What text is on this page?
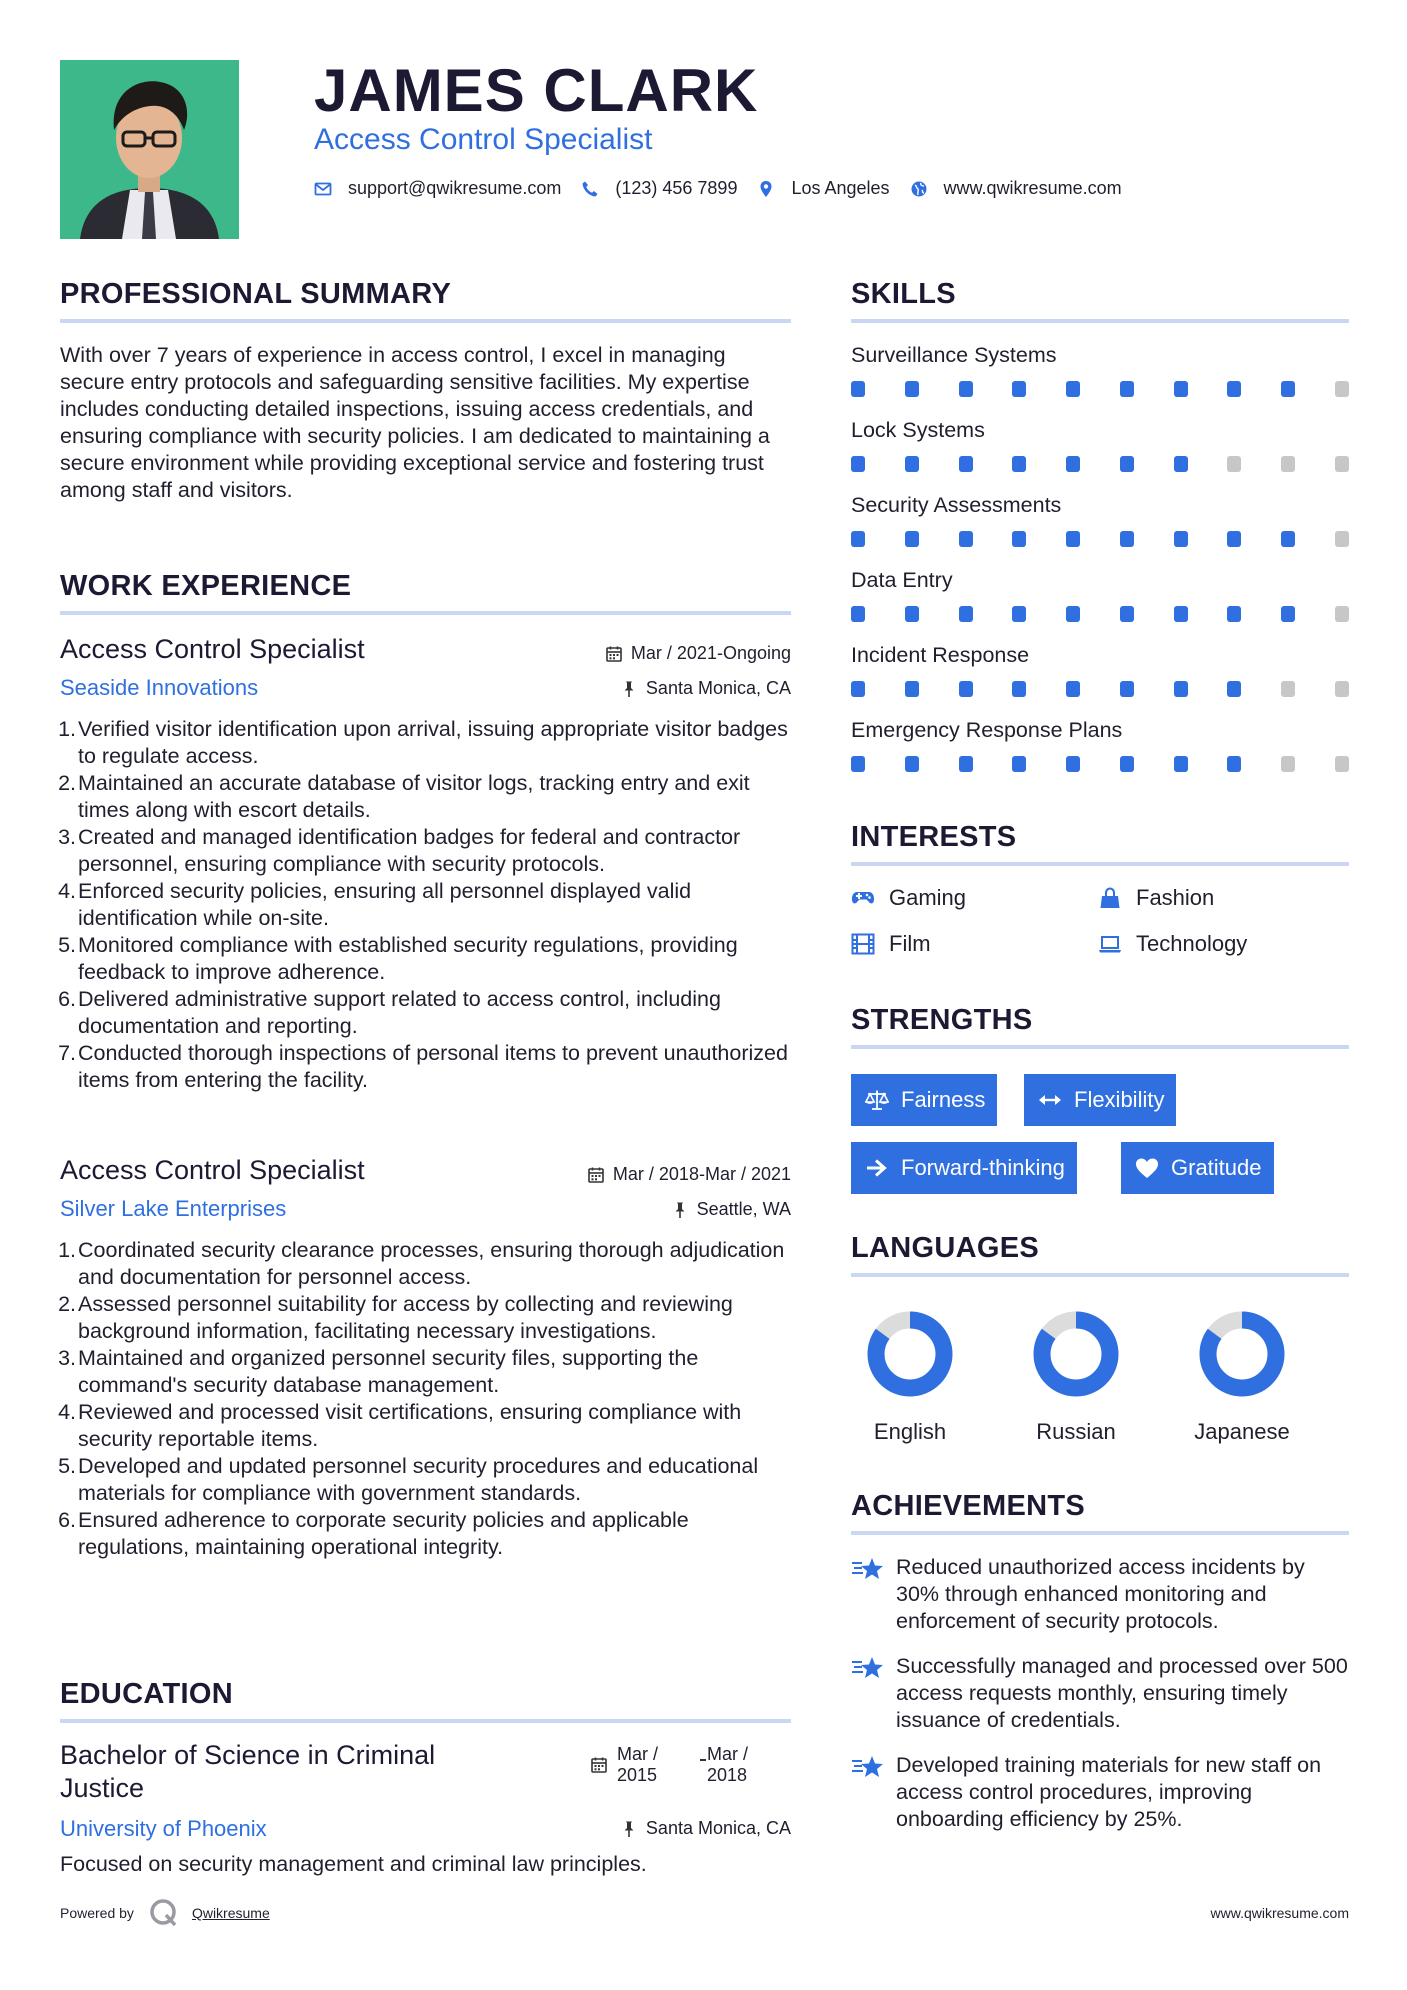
JAMES CLARK
Access Control Specialist
support@qwikresume.com	(123) 456 7899	Los Angeles	www.qwikresume.com
PROFESSIONAL SUMMARY

With over 7 years of experience in access control, I excel in managing secure entry protocols and safeguarding sensitive facilities. My expertise includes conducting detailed inspections, issuing access credentials, and ensuring compliance with security policies. I am dedicated to maintaining a secure environment while providing exceptional service and fostering trust among staff and visitors.

WORK EXPERIENCE
Access Control Specialist	Mar / 2021-Ongoing
Seaside Innovations	Santa Monica, CA
1. Verified visitor identification upon arrival, issuing appropriate visitor badges to regulate access.
2. Maintained an accurate database of visitor logs, tracking entry and exit times along with escort details.
3. Created and managed identification badges for federal and contractor personnel, ensuring compliance with security protocols.
4. Enforced security policies, ensuring all personnel displayed valid identification while on-site.
5. Monitored compliance with established security regulations, providing feedback to improve adherence.
6. Delivered administrative support related to access control, including documentation and reporting.
7. Conducted thorough inspections of personal items to prevent unauthorized items from entering the facility.
Access Control Specialist	Mar / 2018-Mar / 2021
Silver Lake Enterprises	Seattle, WA
1. Coordinated security clearance processes, ensuring thorough adjudication and documentation for personnel access.
2. Assessed personnel suitability for access by collecting and reviewing background information, facilitating necessary investigations.
3. Maintained and organized personnel security files, supporting the command's security database management.
4. Reviewed and processed visit certifications, ensuring compliance with security reportable items.
5. Developed and updated personnel security procedures and educational materials for compliance with government standards.
6. Ensured adherence to corporate security policies and applicable regulations, maintaining operational integrity.
EDUCATION
Bachelor of Science in Criminal Justice
Mar /
2015
Mar /
2018
University of Phoenix	Santa Monica, CA
Focused on security management and criminal law principles.
SKILLS
Surveillance Systems
Lock Systems
Security Assessments
Data Entry
Incident Response
Emergency Response Plans
INTERESTS
Gaming	Fashion
Film	Technology
STRENGTHS
Fairness	Flexibility
Forward-thinking	Gratitude
LANGUAGES
English	Russian	Japanese
ACHIEVEMENTS
Reduced unauthorized access incidents by 30% through enhanced monitoring and enforcement of security protocols.
Successfully managed and processed over 500 access requests monthly, ensuring timely issuance of credentials.
Developed training materials for new staff on access control procedures, improving onboarding efficiency by 25%.
Powered by	Qwikresume	www.qwikresume.com
